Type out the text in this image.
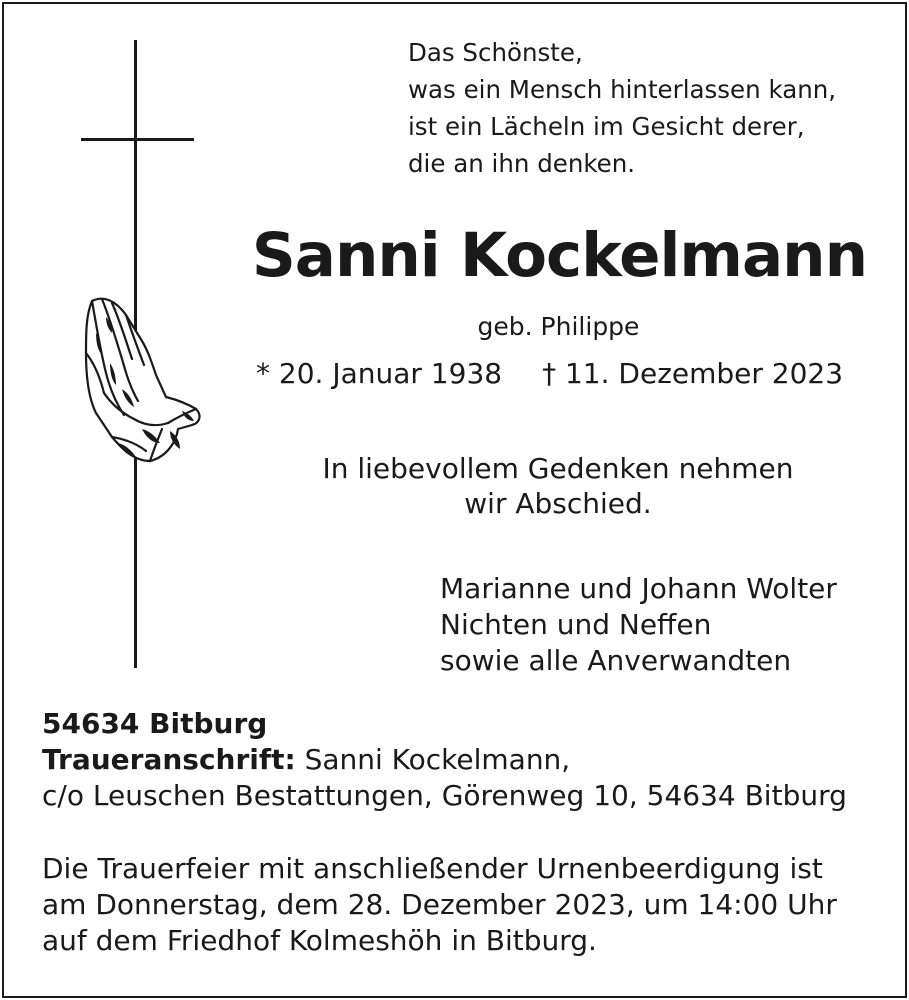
Das Schönste,
was ein Mensch hinterlassen kann,
ist ein Lächeln im Gesicht derer,
die an ihn denken.
Sanni Kockelmann
geb. Philippe
* 20. Januar 1938 † 11. Dezember 2023
In liebevollem Gedenken nehmen
wir Abschied.
Marianne und Johann Wolter
Nichten und Neffen
sowie alle Anverwandten
54634 Bitburg
Traueranschrift: Sanni Kockelmann,
c/o Leuschen Bestattungen, Görenweg 10, 54634 Bitburg
Die Trauerfeier mit anschließender Urnenbeerdigung ist
am Donnerstag, dem 28. Dezember 2023, um 14:00 Uhr
auf dem Friedhof Kolmeshöh in Bitburg.
